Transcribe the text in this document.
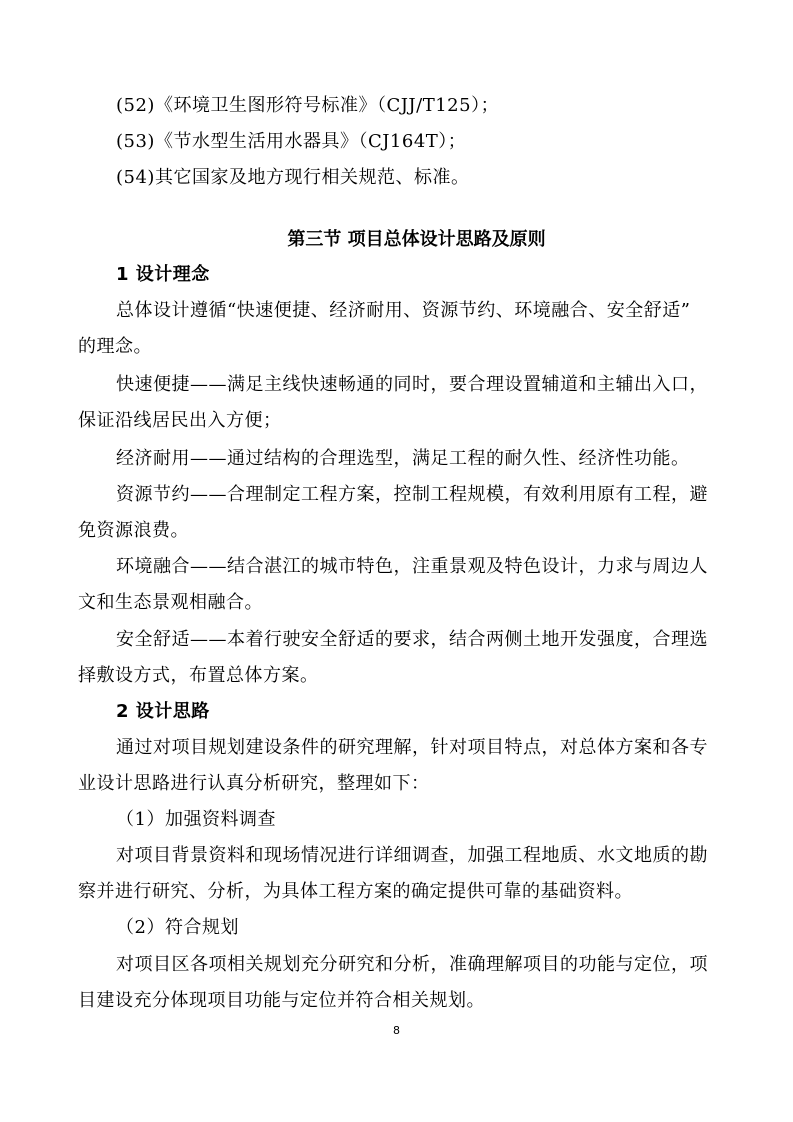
(52)《环境卫生图形符号标准》（CJJ/T125）；
(53)《节水型生活用水器具》（CJ164T）；
(54)其它国家及地方现行相关规范、标准。
第三节 项目总体设计思路及原则
1 设计理念
总体设计遵循“快速便捷、经济耐用、资源节约、环境融合、安全舒适”
的理念。
快速便捷——满足主线快速畅通的同时，要合理设置辅道和主辅出入口，
保证沿线居民出入方便；
经济耐用——通过结构的合理选型，满足工程的耐久性、经济性功能。
资源节约——合理制定工程方案，控制工程规模，有效利用原有工程，避
免资源浪费。
环境融合——结合湛江的城市特色，注重景观及特色设计，力求与周边人
文和生态景观相融合。
安全舒适——本着行驶安全舒适的要求，结合两侧土地开发强度，合理选
择敷设方式，布置总体方案。
2 设计思路
通过对项目规划建设条件的研究理解，针对项目特点，对总体方案和各专
业设计思路进行认真分析研究，整理如下：
（1）加强资料调查
对项目背景资料和现场情况进行详细调查，加强工程地质、水文地质的勘
察并进行研究、分析，为具体工程方案的确定提供可靠的基础资料。
（2）符合规划
对项目区各项相关规划充分研究和分析，准确理解项目的功能与定位，项
目建设充分体现项目功能与定位并符合相关规划。
8
